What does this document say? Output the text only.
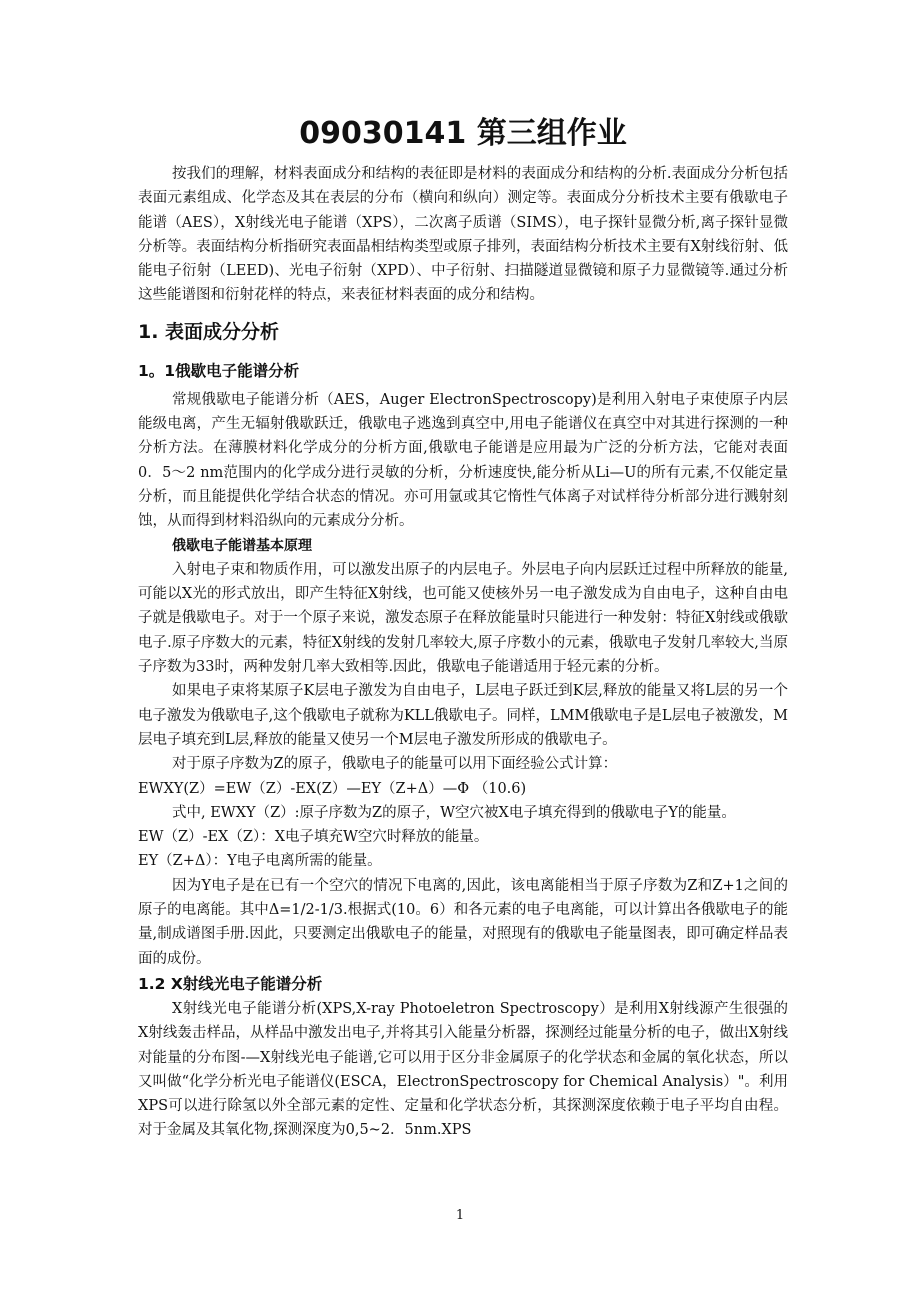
09030141 第三组作业

按我们的理解，材料表面成分和结构的表征即是材料的表面成分和结构的分析.表面成分分析包括表面元素组成、化学态及其在表层的分布（横向和纵向）测定等。表面成分分析技术主要有俄歇电子能谱（AES），X射线光电子能谱（XPS），二次离子质谱（SIMS），电子探针显微分析,离子探针显微分析等。表面结构分析指研究表面晶相结构类型或原子排列，表面结构分析技术主要有X射线衍射、低能电子衍射（LEED)、光电子衍射（XPD）、中子衍射、扫描隧道显微镜和原子力显微镜等.通过分析这些能谱图和衍射花样的特点，来表征材料表面的成分和结构。

1. 表面成分分析
1。1俄歇电子能谱分析

常规俄歇电子能谱分析（AES，Auger ElectronSpectroscopy)是利用入射电子束使原子内层能级电离，产生无辐射俄歇跃迁，俄歇电子逃逸到真空中,用电子能谱仪在真空中对其进行探测的一种分析方法。在薄膜材料化学成分的分析方面,俄歇电子能谱是应用最为广泛的分析方法，它能对表面0．5～2 nm范围内的化学成分进行灵敏的分析，分析速度快,能分析从Li—U的所有元素,不仅能定量分析，而且能提供化学结合状态的情况。亦可用氩或其它惰性气体离子对试样待分析部分进行溅射刻蚀，从而得到材料沿纵向的元素成分分析。

俄歇电子能谱基本原理

入射电子束和物质作用，可以激发出原子的内层电子。外层电子向内层跃迁过程中所释放的能量,可能以X光的形式放出，即产生特征X射线，也可能又使核外另一电子激发成为自由电子，这种自由电子就是俄歇电子。对于一个原子来说，激发态原子在释放能量时只能进行一种发射：特征X射线或俄歇电子.原子序数大的元素，特征X射线的发射几率较大,原子序数小的元素，俄歇电子发射几率较大,当原子序数为33时，两种发射几率大致相等.因此，俄歇电子能谱适用于轻元素的分析。

如果电子束将某原子K层电子激发为自由电子，L层电子跃迁到K层,释放的能量又将L层的另一个电子激发为俄歇电子,这个俄歇电子就称为KLL俄歇电子。同样，LMM俄歇电子是L层电子被激发，M层电子填充到L层,释放的能量又使另一个M层电子激发所形成的俄歇电子。

对于原子序数为Z的原子，俄歇电子的能量可以用下面经验公式计算：

EWXY(Z）=EW（Z）-EX(Z）—EY（Z+Δ）—Φ （10.6)

式中, EWXY（Z）:原子序数为Z的原子，W空穴被X电子填充得到的俄歇电子Y的能量。

EW（Z）-EX（Z）：X电子填充W空穴时释放的能量。

EY（Z+Δ）：Y电子电离所需的能量。

因为Y电子是在已有一个空穴的情况下电离的,因此，该电离能相当于原子序数为Z和Z+1之间的原子的电离能。其中Δ=1/2-1/3.根据式(10。6）和各元素的电子电离能，可以计算出各俄歇电子的能量,制成谱图手册.因此，只要测定出俄歇电子的能量，对照现有的俄歇电子能量图表，即可确定样品表面的成份。

1.2 X射线光电子能谱分析

X射线光电子能谱分析(XPS,X-ray Photoeletron Spectroscopy）是利用X射线源产生很强的X射线轰击样品，从样品中激发出电子,并将其引入能量分析器，探测经过能量分析的电子，做出X射线对能量的分布图-—X射线光电子能谱,它可以用于区分非金属原子的化学状态和金属的氧化状态，所以又叫做“化学分析光电子能谱仪(ESCA，ElectronSpectroscopy for Chemical Analysis）"。利用XPS可以进行除氢以外全部元素的定性、定量和化学状态分析，其探测深度依赖于电子平均自由程。对于金属及其氧化物,探测深度为0,5~2．5nm.XPS

1
